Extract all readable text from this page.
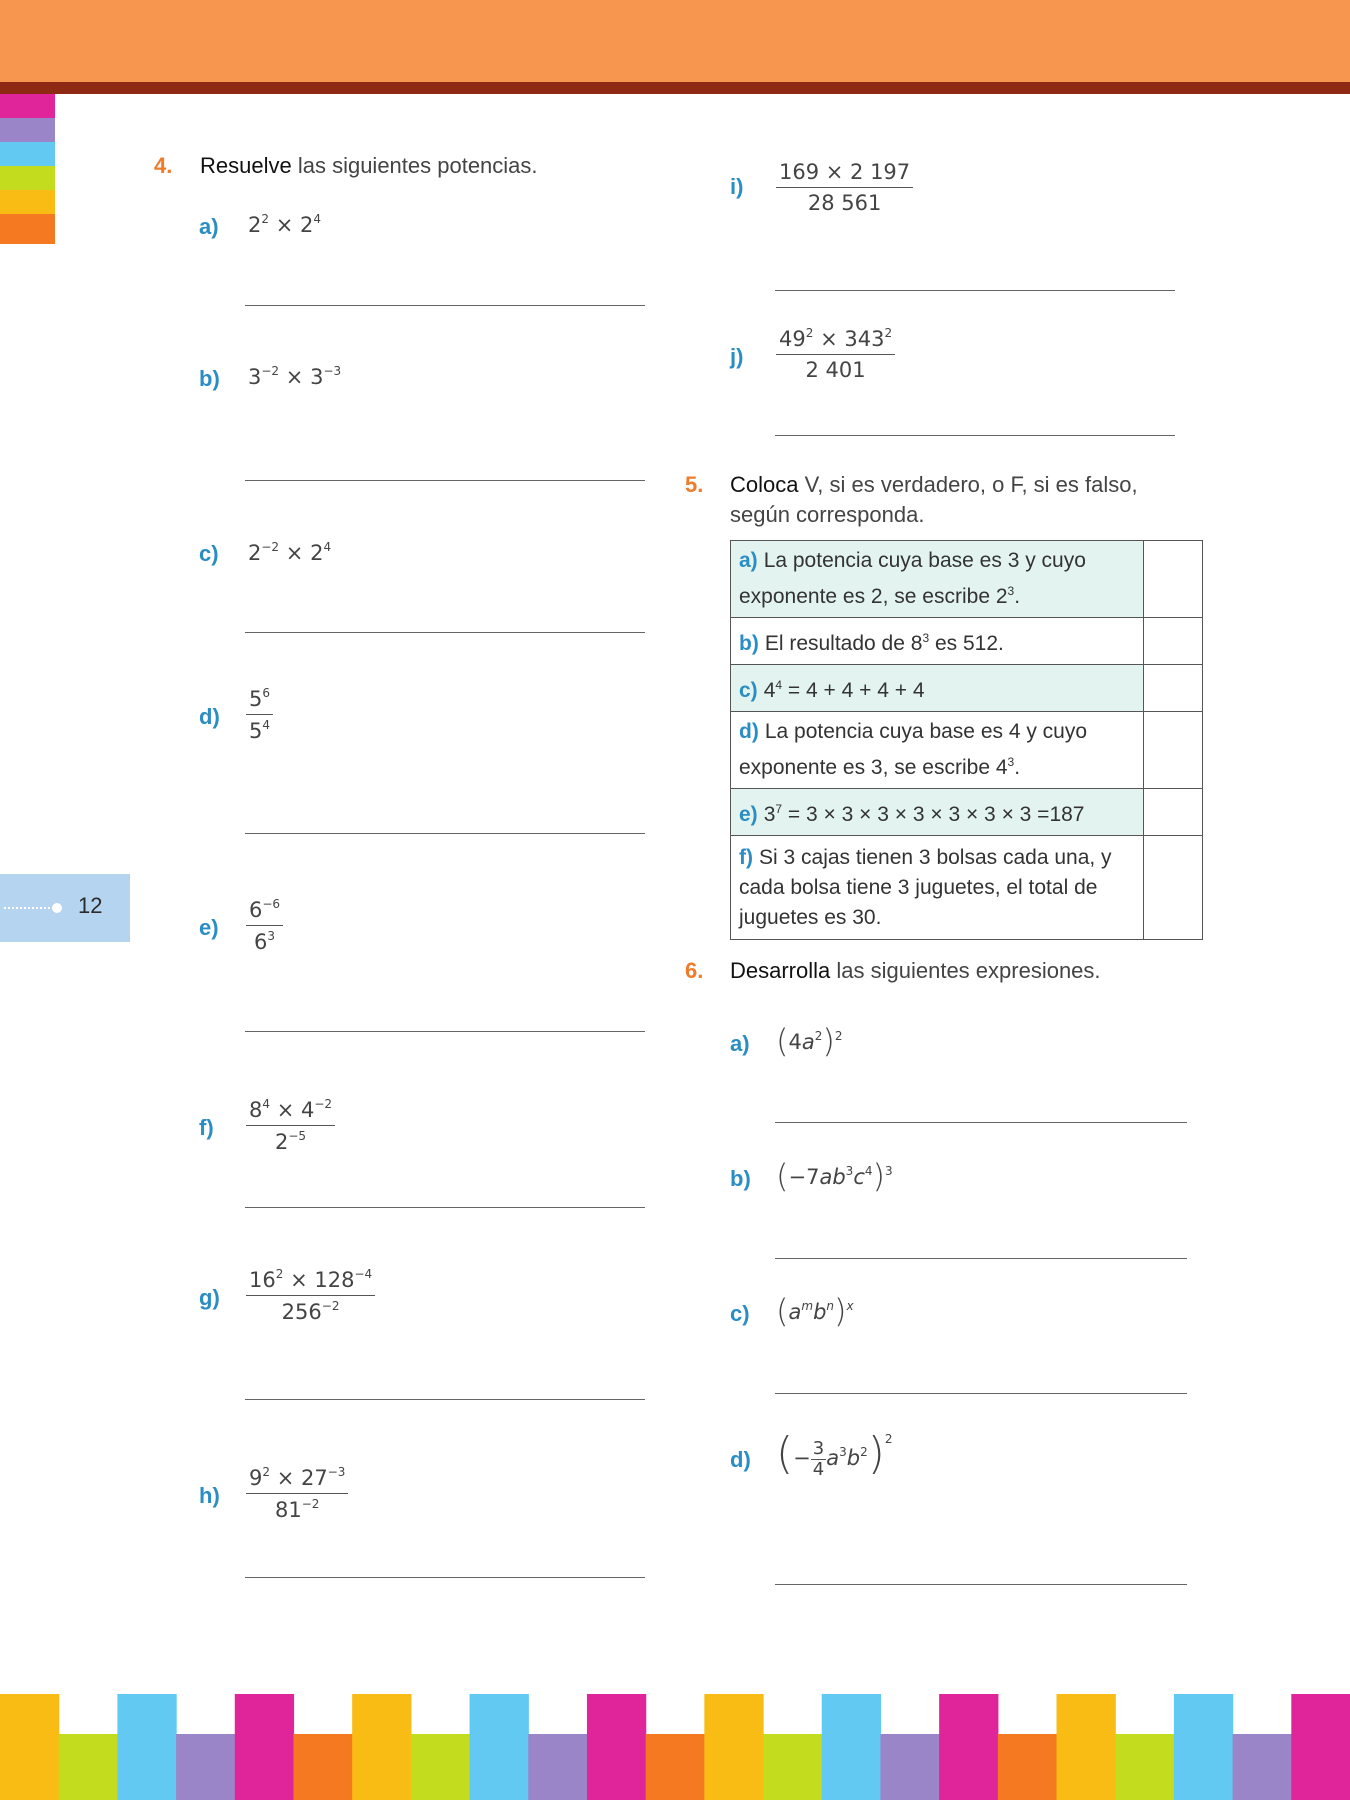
12
4. Resuelve las siguientes potencias.
a) $2^2 \times 2^4$
b) $3^{-2} \times 3^{-3}$
c) $2^{-2} \times 2^4$
$d) \frac{5^6}{5^4}$
$e) \frac{6^{-6}}{6^3}$
$f) \frac{8^4 \times 4^{-2}}{2^{-5}}$
$g) \frac{16^2 \times 128^{-4}}{256^{-2}}$
$h) \frac{9^2 \times 27^{-3}}{81^{-2}}$
$i) \frac{169 \times 2 197}{28 561}$
$j) \frac{49^2 \times 343^2}{2 401}$
5. Coloca V, si es verdadero, o F, si es falso, según corresponda.
a) La potencia cuya base es 3 y cuyo exponente es 2, se escribe $2^3$.	
b) El resultado de $8^3$ es 512.	
c) $4^4 = 4 + 4 + 4 + 4$	
d) La potencia cuya base es 4 y cuyo exponente es 3, se escribe $4^3$.	
e) $3^7 = 3 \times 3 \times 3 \times 3 \times 3 \times 3 \times 3 =187$	
f) Si 3 cajas tienen 3 bolsas cada una, y cada bolsa tiene 3 juguetes, el total de juguetes es 30.	
6. Desarrolla las siguientes expresiones.
a) $(4a^2)^2$
b) $(-7ab^3c^4)^3$
c) $(a^mb^n)^x$
d) (− $\frac{3}{4} a^3b^2)^2$
